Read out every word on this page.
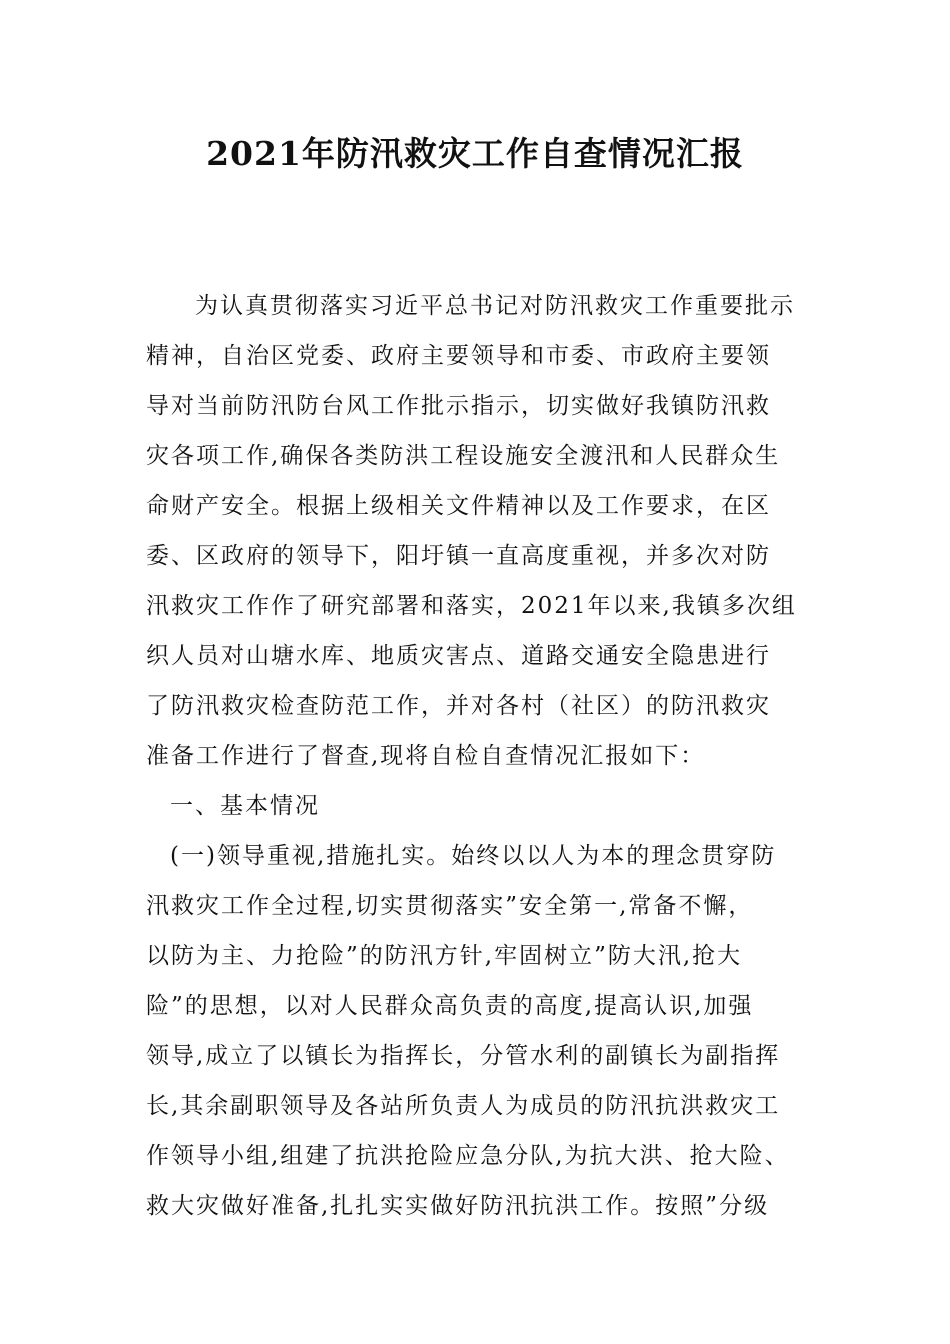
2021年防汛救灾工作自查情况汇报
　为认真贯彻落实习近平总书记对防汛救灾工作重要批示
精神，自治区党委、政府主要领导和市委、市政府主要领
导对当前防汛防台风工作批示指示，切实做好我镇防汛救
灾各项工作,确保各类防洪工程设施安全渡汛和人民群众生
命财产安全。根据上级相关文件精神以及工作要求，在区
委、区政府的领导下，阳圩镇一直高度重视，并多次对防
汛救灾工作作了研究部署和落实，2021年以来,我镇多次组
织人员对山塘水库、地质灾害点、道路交通安全隐患进行
了防汛救灾检查防范工作，并对各村（社区）的防汛救灾
准备工作进行了督查,现将自检自查情况汇报如下：
一、基本情况
(一)领导重视,措施扎实。始终以以人为本的理念贯穿防
汛救灾工作全过程,切实贯彻落实”安全第一,常备不懈，
以防为主、力抢险”的防汛方针,牢固树立”防大汛,抢大
险”的思想，以对人民群众高负责的高度,提高认识,加强
领导,成立了以镇长为指挥长，分管水利的副镇长为副指挥
长,其余副职领导及各站所负责人为成员的防汛抗洪救灾工
作领导小组,组建了抗洪抢险应急分队,为抗大洪、抢大险、
救大灾做好准备,扎扎实实做好防汛抗洪工作。按照”分级
